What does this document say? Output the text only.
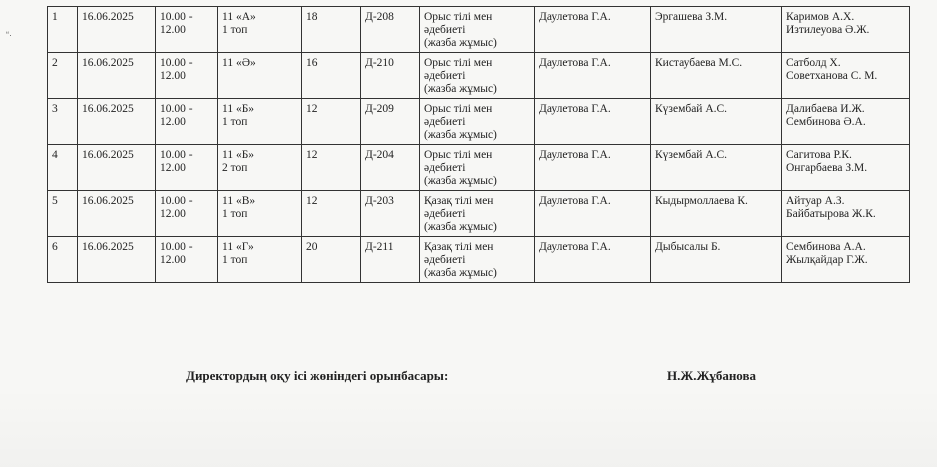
“·
1	16.06.2025	10.00 -
12.00	11 «А»
1 топ	18	Д-208	Орыс тілі мен
әдебиеті
(жазба жұмыс)	Даулетова Г.А.	Эргашева З.М.	Каримов А.Х.
Изтилеуова Ә.Ж.

2	16.06.2025	10.00 -
12.00	11 «Ә»	16	Д-210	Орыс тілі мен
әдебиеті
(жазба жұмыс)	Даулетова Г.А.	Кистаубаева М.С.	Сатболд Х.
Советханова С. М.

3	16.06.2025	10.00 -
12.00	11 «Б»
1 топ	12	Д-209	Орыс тілі мен
әдебиеті
(жазба жұмыс)	Даулетова Г.А.	Күзембай А.С.	Далибаева И.Ж.
Сембинова Ә.А.

4	16.06.2025	10.00 -
12.00	11 «Б»
2 топ	12	Д-204	Орыс тілі мен
әдебиеті
(жазба жұмыс)	Даулетова Г.А.	Күзембай А.С.	Сагитова Р.К.
Онгарбаева З.М.

5	16.06.2025	10.00 -
12.00	11 «В»
1 топ	12	Д-203	Қазақ тілі мен
әдебиеті
(жазба жұмыс)	Даулетова Г.А.	Кыдырмоллаева К.	Айтуар А.З.
Байбатырова Ж.К.

6	16.06.2025	10.00 -
12.00	11 «Г»
1 топ	20	Д-211	Қазақ тілі мен
әдебиеті
(жазба жұмыс)	Даулетова Г.А.	Дыбысалы Б.	Сембинова А.А.
Жылқайдар Г.Ж.
Директордың оқу ісі жөніндегі орынбасары:	Н.Ж.Жұбанова
